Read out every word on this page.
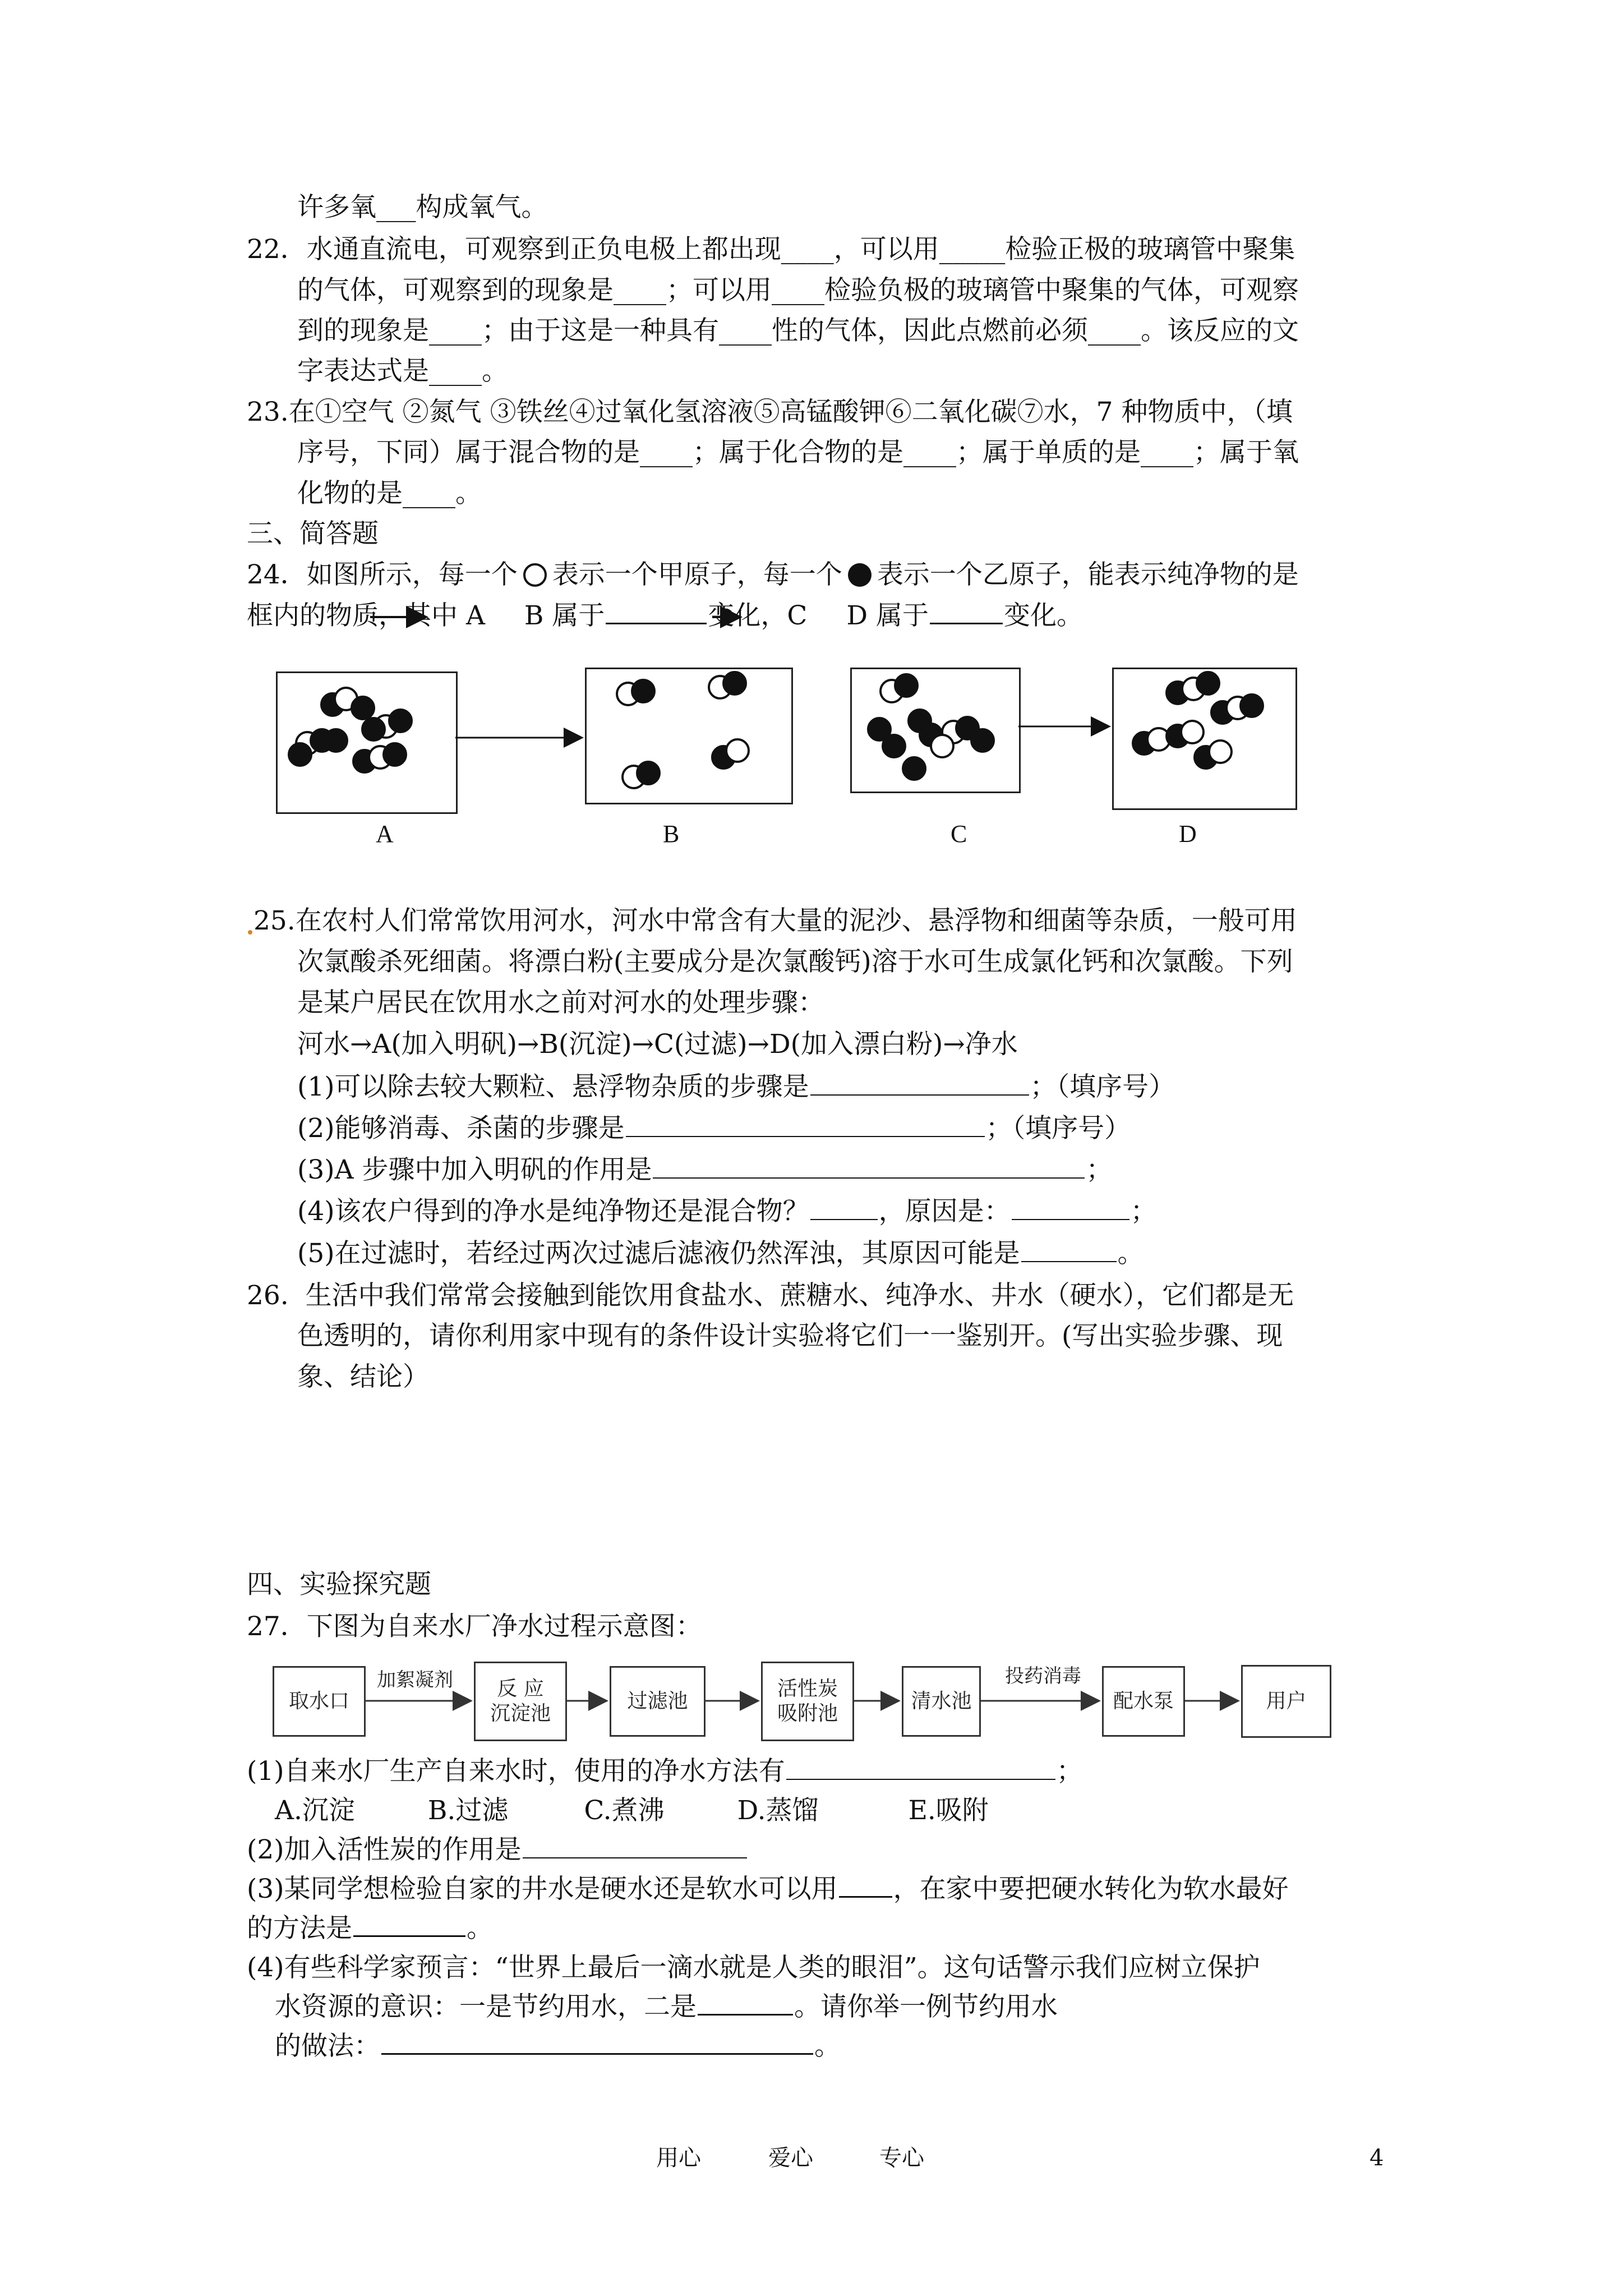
许多氧___构成氧气。
22．水通直流电，可观察到正负电极上都出现____，可以用_____检验正极的玻璃管中聚集
的气体，可观察到的现象是____；可以用____检验负极的玻璃管中聚集的气体，可观察
到的现象是____；由于这是一种具有____性的气体，因此点燃前必须____。该反应的文
字表达式是____。
23.在①空气 ②氮气 ③铁丝④过氧化氢溶液⑤高锰酸钾⑥二氧化碳⑦水，7 种物质中，（填
序号，下同）属于混合物的是____；属于化合物的是____；属于单质的是____；属于氧
化物的是____。
三、简答题
24．如图所示，每一个 表示一个甲原子，每一个 表示一个乙原子，能表示纯净物的是
框内的物质，其中 A B 属于	变化，C D 属于	变化。
A	B	C	D
25.在农村人们常常饮用河水，河水中常含有大量的泥沙、悬浮物和细菌等杂质，一般可用
次氯酸杀死细菌。将漂白粉(主要成分是次氯酸钙)溶于水可生成氯化钙和次氯酸。下列
是某户居民在饮用水之前对河水的处理步骤：
河水→A(加入明矾)→B(沉淀)→C(过滤)→D(加入漂白粉)→净水
(1)可以除去较大颗粒、悬浮物杂质的步骤是	；（填序号）
(2)能够消毒、杀菌的步骤是	；（填序号）
(3)A 步骤中加入明矾的作用是	；
(4)该农户得到的净水是纯净物还是混合物？	，原因是：	；
(5)在过滤时，若经过两次过滤后滤液仍然浑浊，其原因可能是	。
26.  生活中我们常常会接触到能饮用食盐水、蔗糖水、纯净水、井水（硬水），它们都是无
色透明的，请你利用家中现有的条件设计实验将它们一一鉴别开。(写出实验步骤、现
象、结论）
四、实验探究题
27．下图为自来水厂净水过程示意图：
取水口
加絮凝剂 反 应
沉淀池
过滤池
活性炭
吸附池
清水池
投药消毒
配水泵	用户
(1)自来水厂生产自来水时，使用的净水方法有	；
A.沉淀	B.过滤	C.煮沸	D.蒸馏	E.吸附
(2)加入活性炭的作用是
(3)某同学想检验自家的井水是硬水还是软水可以用 ，在家中要把硬水转化为软水最好
的方法是	。
(4)有些科学家预言：“世界上最后一滴水就是人类的眼泪”。这句话警示我们应树立保护
水资源的意识：一是节约用水，二是	。请你举一例节约用水
的做法：	。
用心	爱心	专心	4
